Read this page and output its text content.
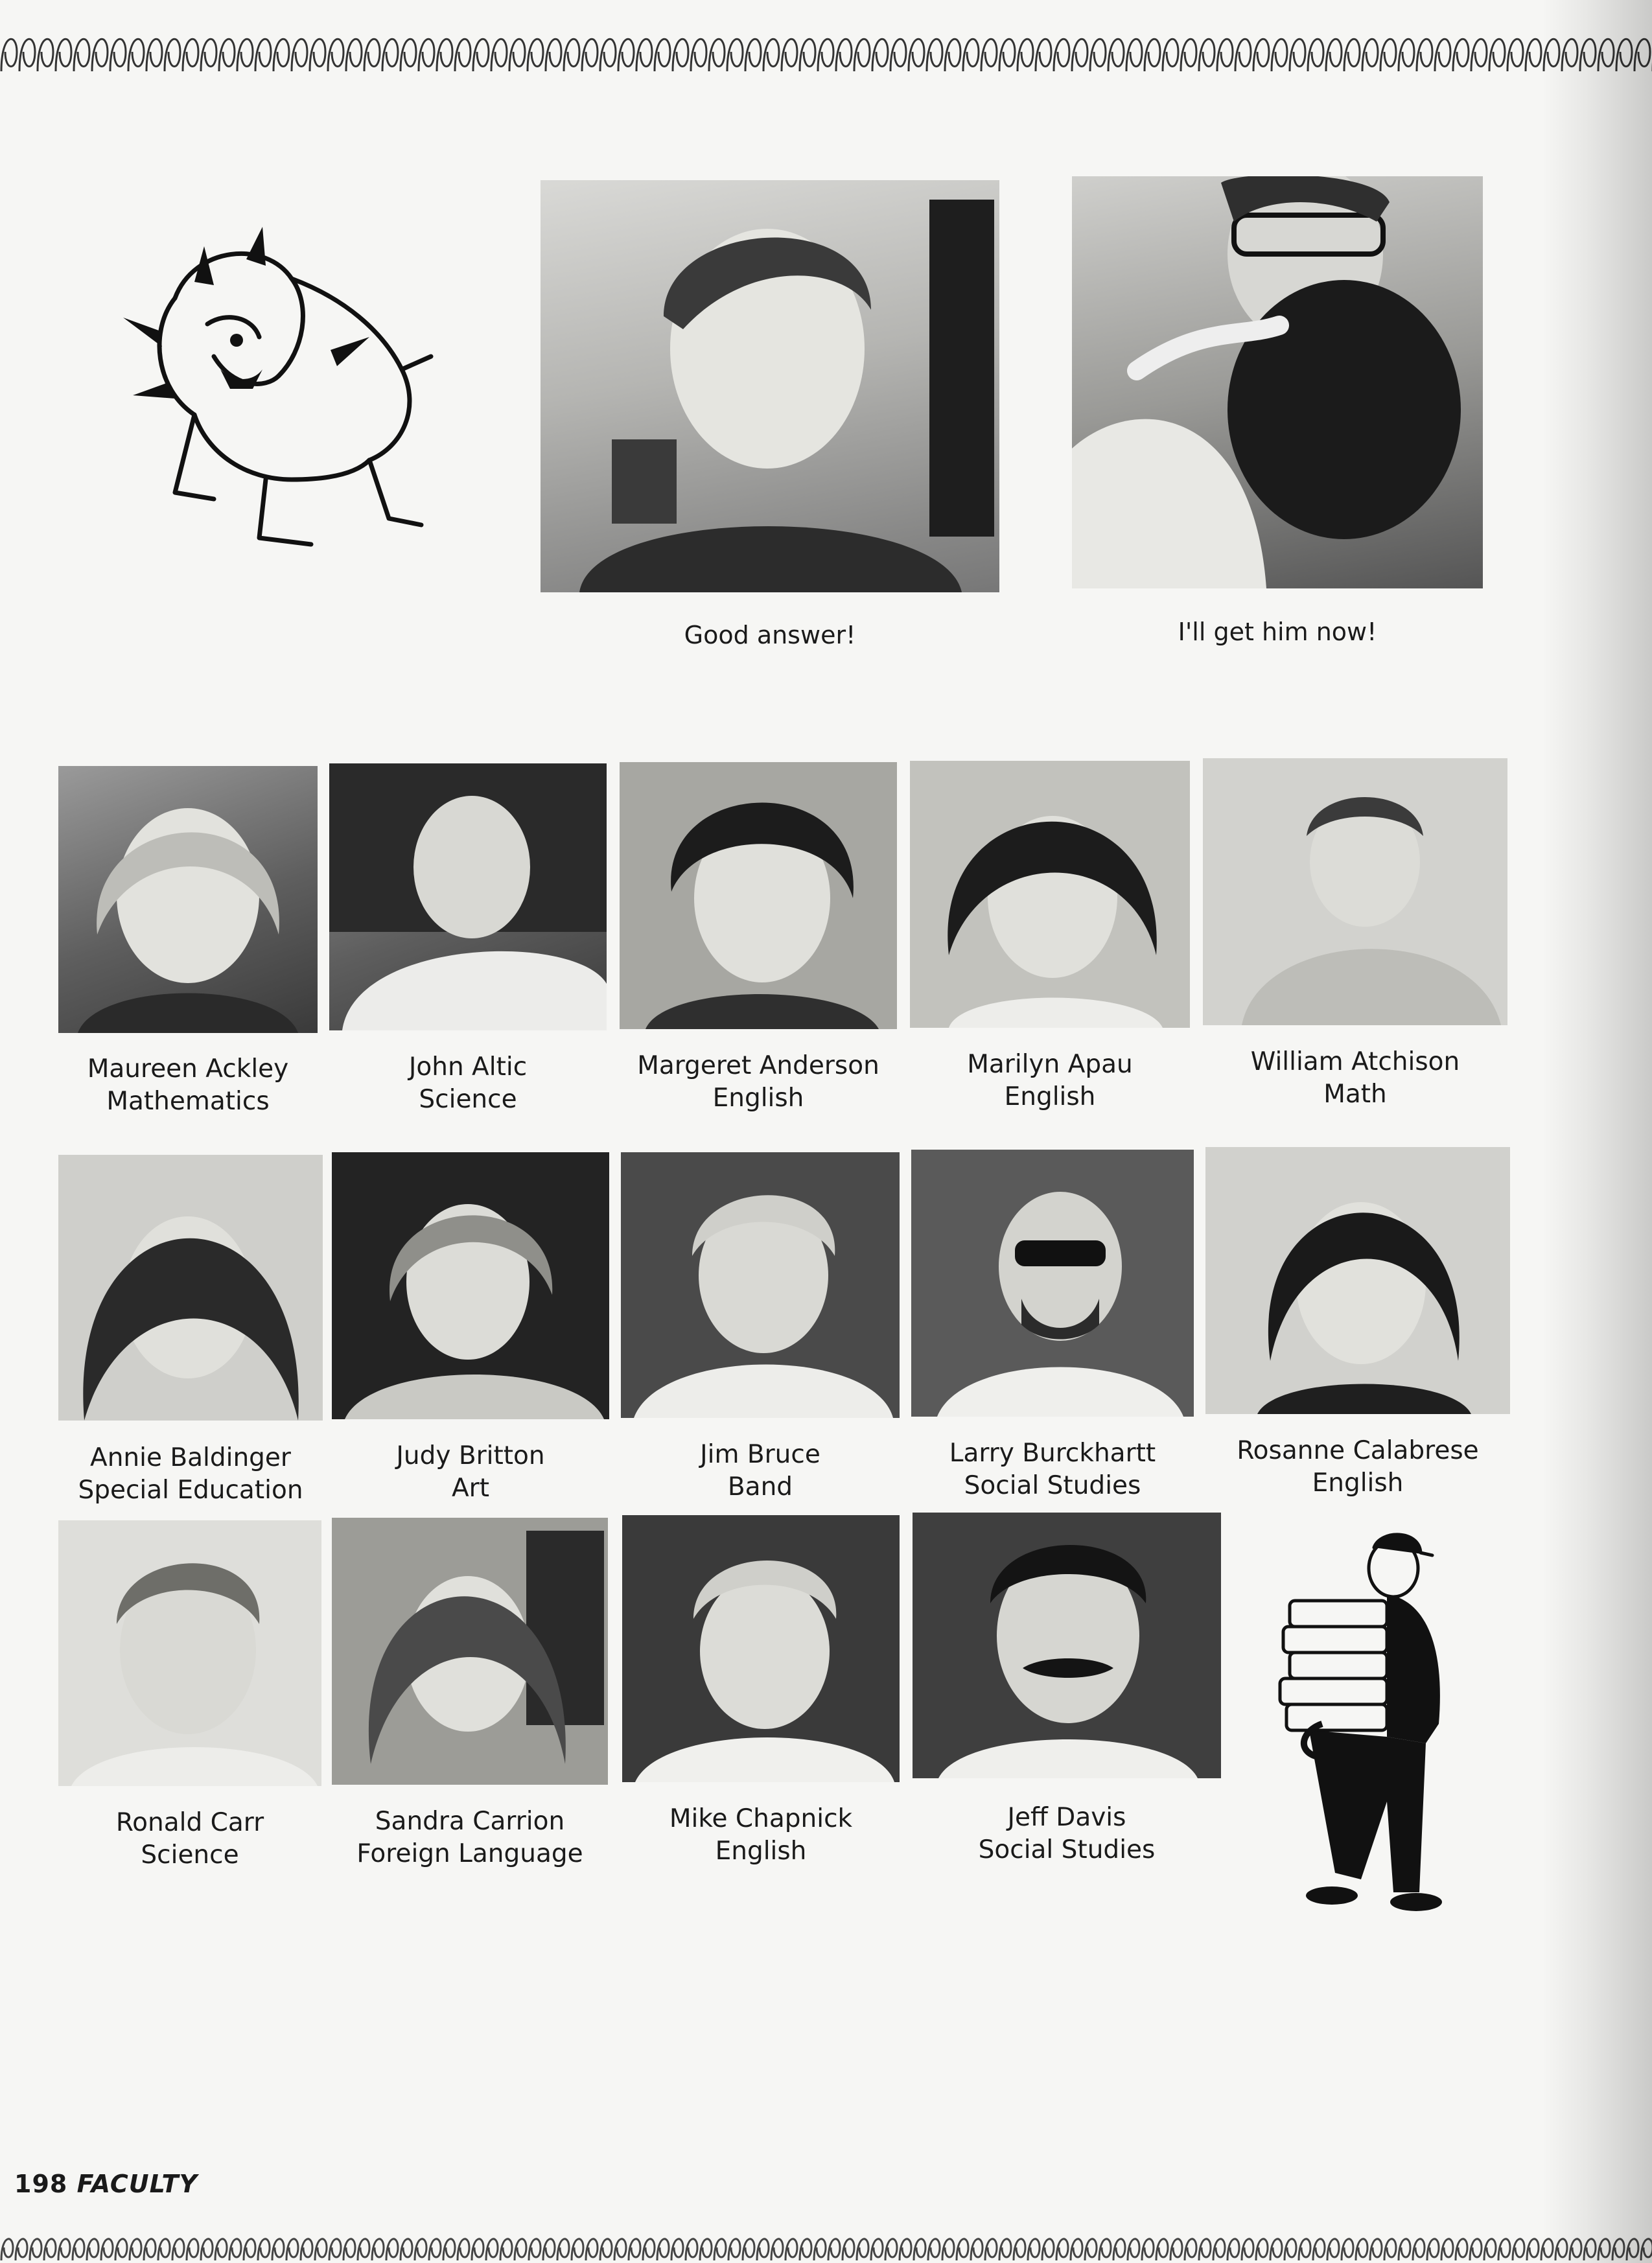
Good answer!	I'll get him now!
Maureen Ackley
Mathematics
John Altic
Science
Margeret Anderson
English
Marilyn Apau
English
William Atchison
Math
Annie Baldinger
Special Education
Judy Britton
Art
Jim Bruce
Band
Larry Burckhartt
Social Studies
Rosanne Calabrese
English
Ronald Carr
Science
Sandra Carrion
Foreign Language
Mike Chapnick
English
Jeff Davis
Social Studies
198 FACULTY
